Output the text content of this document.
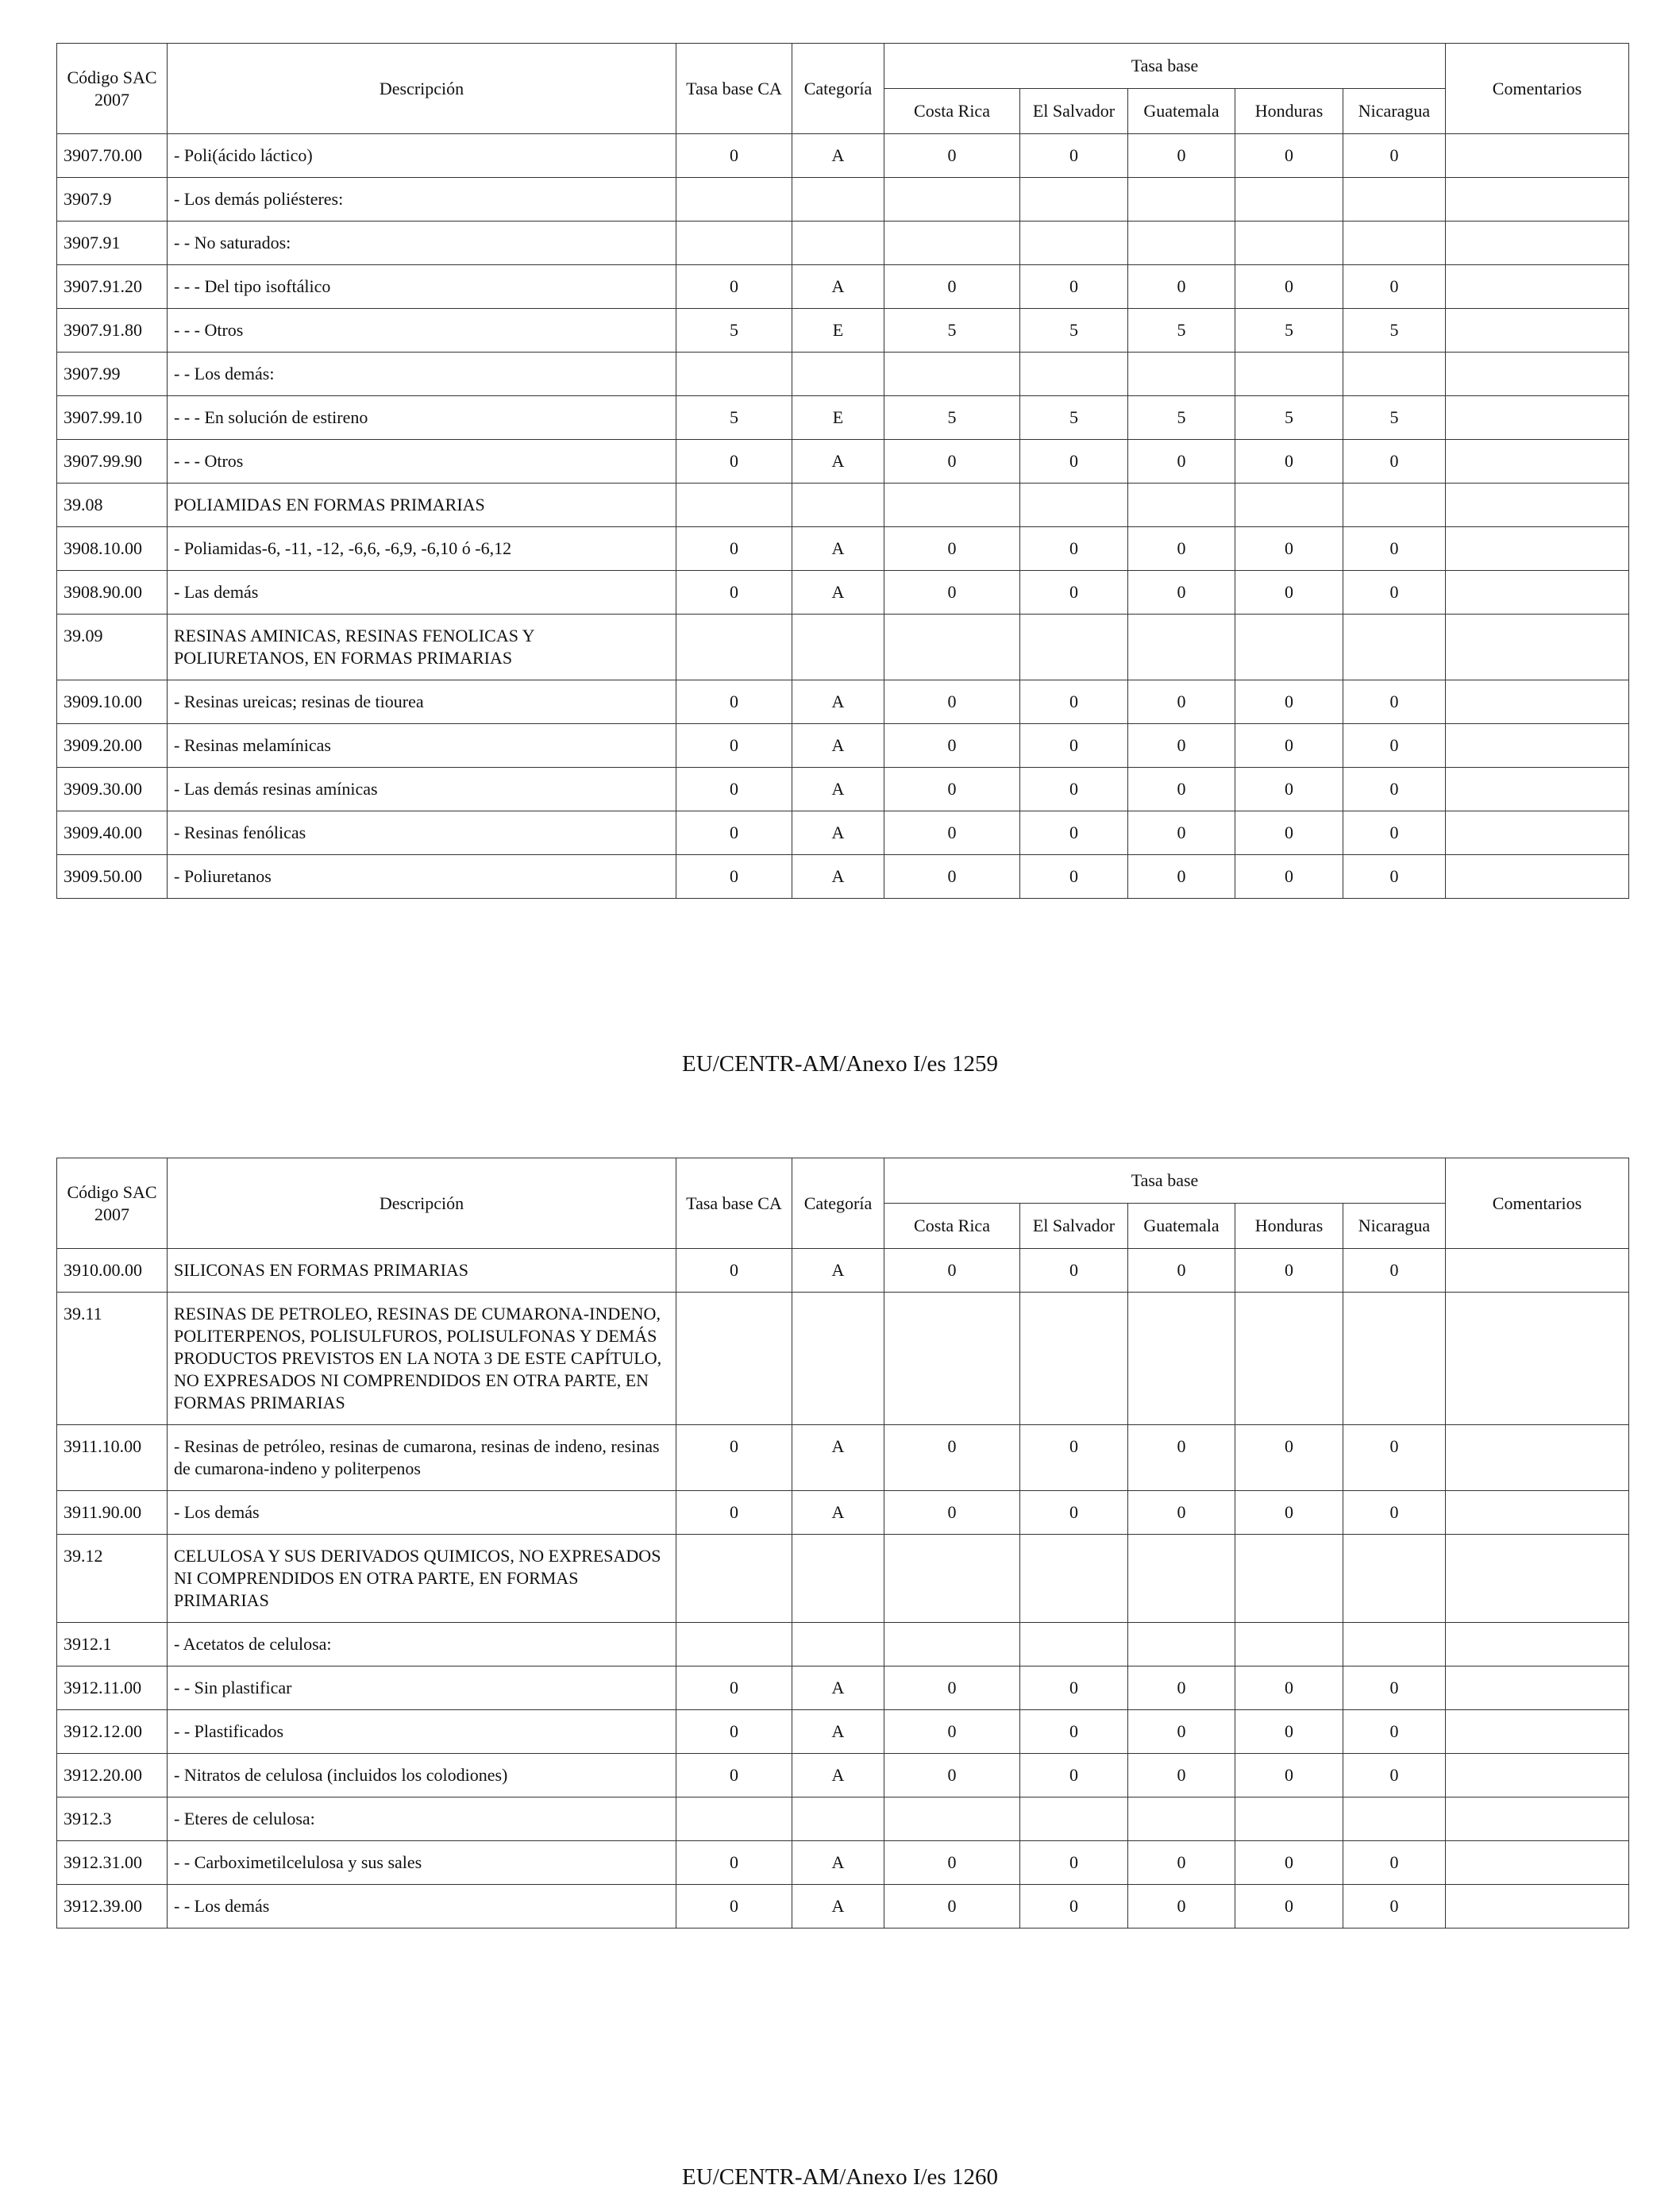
Código SAC 2007	Descripción	Tasa base CA	Categoría	Tasa base					Comentarios
				Costa Rica	El Salvador	Guatemala	Honduras	Nicaragua	
3907.70.00	- Poli(ácido láctico)	0	A	0	0	0	0	0	
3907.9	- Los demás poliésteres:								
3907.91	- - No saturados:								
3907.91.20	- - - Del tipo isoftálico	0	A	0	0	0	0	0	
3907.91.80	- - - Otros	5	E	5	5	5	5	5	
3907.99	- - Los demás:								
3907.99.10	- - - En solución de estireno	5	E	5	5	5	5	5	
3907.99.90	- - - Otros	0	A	0	0	0	0	0	
39.08	POLIAMIDAS EN FORMAS PRIMARIAS								
3908.10.00	- Poliamidas-6, -11, -12, -6,6, -6,9, -6,10 ó -6,12	0	A	0	0	0	0	0	
3908.90.00	- Las demás	0	A	0	0	0	0	0	
39.09	RESINAS AMINICAS, RESINAS FENOLICAS Y POLIURETANOS, EN FORMAS PRIMARIAS								
3909.10.00	- Resinas ureicas; resinas de tiourea	0	A	0	0	0	0	0	
3909.20.00	- Resinas melamínicas	0	A	0	0	0	0	0	
3909.30.00	- Las demás resinas amínicas	0	A	0	0	0	0	0	
3909.40.00	- Resinas fenólicas	0	A	0	0	0	0	0	
3909.50.00	- Poliuretanos	0	A	0	0	0	0	0	
EU/CENTR-AM/Anexo I/es 1259
Código SAC 2007	Descripción	Tasa base CA	Categoría	Tasa base					Comentarios
				Costa Rica	El Salvador	Guatemala	Honduras	Nicaragua	
3910.00.00	SILICONAS EN FORMAS PRIMARIAS	0	A	0	0	0	0	0	
39.11	RESINAS DE PETROLEO, RESINAS DE CUMARONA-INDENO, POLITERPENOS, POLISULFUROS, POLISULFONAS Y DEMÁS PRODUCTOS PREVISTOS EN LA NOTA 3 DE ESTE CAPÍTULO, NO EXPRESADOS NI COMPRENDIDOS EN OTRA PARTE, EN FORMAS PRIMARIAS								
3911.10.00	- Resinas de petróleo, resinas de cumarona, resinas de indeno, resinas de cumarona-indeno y politerpenos	0	A	0	0	0	0	0	
3911.90.00	- Los demás	0	A	0	0	0	0	0	
39.12	CELULOSA Y SUS DERIVADOS QUIMICOS, NO EXPRESADOS NI COMPRENDIDOS EN OTRA PARTE, EN FORMAS PRIMARIAS								
3912.1	- Acetatos de celulosa:								
3912.11.00	- - Sin plastificar	0	A	0	0	0	0	0	
3912.12.00	- - Plastificados	0	A	0	0	0	0	0	
3912.20.00	- Nitratos de celulosa (incluidos los colodiones)	0	A	0	0	0	0	0	
3912.3	- Eteres de celulosa:								
3912.31.00	- - Carboximetilcelulosa y sus sales	0	A	0	0	0	0	0	
3912.39.00	- - Los demás	0	A	0	0	0	0	0	
EU/CENTR-AM/Anexo I/es 1260
